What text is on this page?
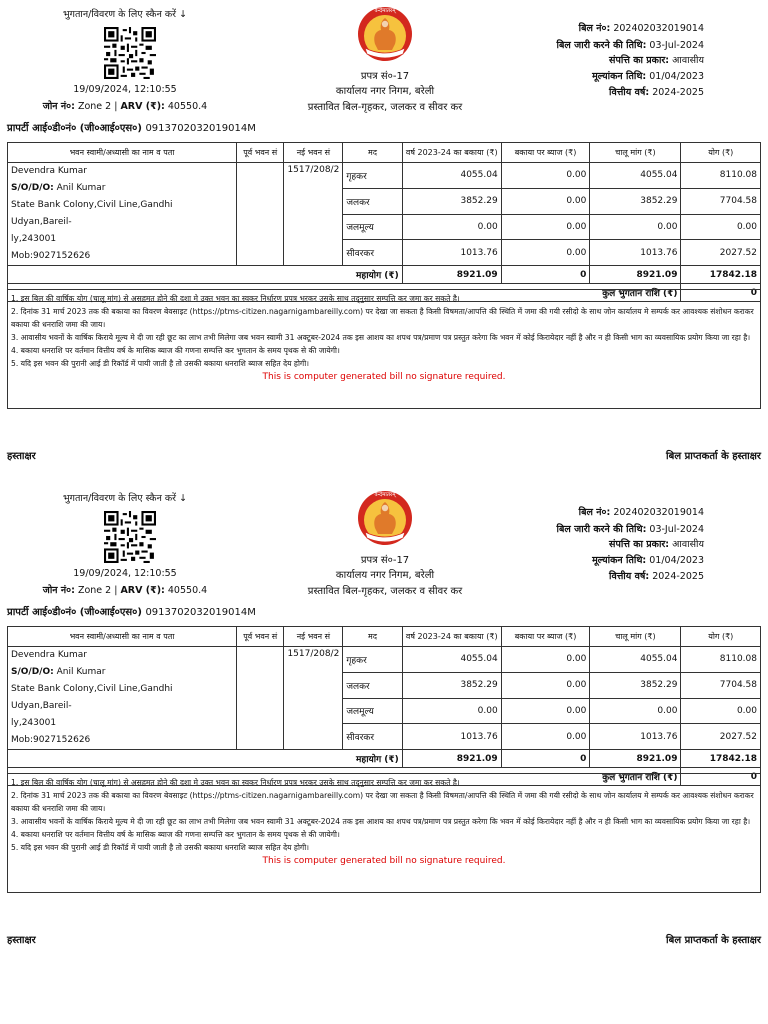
भुगतान/विवरण के लिए स्कैन करें ↓
19/09/2024, 12:10:55
जोन नं०: Zone 2 | ARV (₹): 40550.4
वन्देमातरम्
प्रपत्र सं०-17
कार्यालय नगर निगम, बरेली
प्रस्तावित बिल-गृहकर, जलकर व सीवर कर
बिल नं०: 202402032019014
बिल जारी करने की तिथि: 03-Jul-2024
संपत्ति का प्रकार: आवासीय
मूल्यांकन तिथि: 01/04/2023
वित्तीय वर्ष: 2024-2025
प्रापर्टी आई०डी०नं० (जी०आई०एस०) 0913702032019014M
भवन स्वामी/अध्यासी का नाम व पता	पूर्व भवन सं	नई भवन सं	मद	वर्ष 2023-24 का बकाया (₹)	बकाया पर ब्याज (₹)	चालू मांग (₹)	योग (₹)

Devendra Kumar
S/O/D/O: Anil Kumar
State Bank Colony,Civil Line,Gandhi Udyan,Bareil-
ly,243001
Mob:9027152626		1517/208/2	गृहकर	4055.04	0.00	4055.04	8110.08
			जलकर	3852.29	0.00	3852.29	7704.58
			जलमूल्य	0.00	0.00	0.00	0.00
			सीवरकर	1013.76	0.00	1013.76	2027.52
महायोग (₹)				8921.09	0	8921.09	17842.18
कुल भुगतान राशि (₹)							0
1. इस बिल की वार्षिक योग (चालू मांग) से असहमत होने की दशा मे उक्त भवन का स्वकर निर्धारण प्रपत्र भरकर उसके साथ तद्नुसार सम्पत्ति कर जमा कर सकते है।
2. दिनांक 31 मार्च 2023 तक की बकाया का विवरण बेवसाइट (https://ptms-citizen.nagarnigambareilly.com) पर देखा जा सकता है किसी विषमता/आपत्ति की स्थिति में जमा की गयी रसीदो के साथ जोन कार्यालय मे सम्पर्क कर आवश्यक संशोधन कराकर बकाया की धनराशि जमा की जाय।
3. आवासीय भवनों के वार्षिक किराये मूल्य मे दी जा रही छूट का लाभ तभी मिलेगा जब भवन स्वामी 31 अक्टूबर-2024 तक इस आशय का शपथ पत्र/प्रमाण पत्र प्रस्तुत करेगा कि भवन में कोई किरायेदार नहीं है और न ही किसी भाग का व्यवसायिक प्रयोग किया जा रहा है।
4. बकाया धनराशि पर वर्तमान वित्तीय वर्ष के मासिक ब्याज की गणना सम्पत्ति कर भुगतान के समय पृथक से की जायेगी।
5. यदि इस भवन की पुरानी आई डी रिकॉर्ड में पायी जाती है तो उसकी बकाया धनराशि ब्याज सहित देय होगी।
This is computer generated bill no signature required.
हस्ताक्षर	बिल प्राप्तकर्ता के हस्ताक्षर
भुगतान/विवरण के लिए स्कैन करें ↓
19/09/2024, 12:10:55
जोन नं०: Zone 2 | ARV (₹): 40550.4
वन्देमातरम्
प्रपत्र सं०-17
कार्यालय नगर निगम, बरेली
प्रस्तावित बिल-गृहकर, जलकर व सीवर कर
बिल नं०: 202402032019014
बिल जारी करने की तिथि: 03-Jul-2024
संपत्ति का प्रकार: आवासीय
मूल्यांकन तिथि: 01/04/2023
वित्तीय वर्ष: 2024-2025
प्रापर्टी आई०डी०नं० (जी०आई०एस०) 0913702032019014M
भवन स्वामी/अध्यासी का नाम व पता	पूर्व भवन सं	नई भवन सं	मद	वर्ष 2023-24 का बकाया (₹)	बकाया पर ब्याज (₹)	चालू मांग (₹)	योग (₹)

Devendra Kumar
S/O/D/O: Anil Kumar
State Bank Colony,Civil Line,Gandhi Udyan,Bareil-
ly,243001
Mob:9027152626		1517/208/2	गृहकर	4055.04	0.00	4055.04	8110.08
			जलकर	3852.29	0.00	3852.29	7704.58
			जलमूल्य	0.00	0.00	0.00	0.00
			सीवरकर	1013.76	0.00	1013.76	2027.52
महायोग (₹)				8921.09	0	8921.09	17842.18
कुल भुगतान राशि (₹)							0
1. इस बिल की वार्षिक योग (चालू मांग) से असहमत होने की दशा मे उक्त भवन का स्वकर निर्धारण प्रपत्र भरकर उसके साथ तद्नुसार सम्पत्ति कर जमा कर सकते है।
2. दिनांक 31 मार्च 2023 तक की बकाया का विवरण बेवसाइट (https://ptms-citizen.nagarnigambareilly.com) पर देखा जा सकता है किसी विषमता/आपत्ति की स्थिति में जमा की गयी रसीदो के साथ जोन कार्यालय मे सम्पर्क कर आवश्यक संशोधन कराकर बकाया की धनराशि जमा की जाय।
3. आवासीय भवनों के वार्षिक किराये मूल्य मे दी जा रही छूट का लाभ तभी मिलेगा जब भवन स्वामी 31 अक्टूबर-2024 तक इस आशय का शपथ पत्र/प्रमाण पत्र प्रस्तुत करेगा कि भवन में कोई किरायेदार नहीं है और न ही किसी भाग का व्यवसायिक प्रयोग किया जा रहा है।
4. बकाया धनराशि पर वर्तमान वित्तीय वर्ष के मासिक ब्याज की गणना सम्पत्ति कर भुगतान के समय पृथक से की जायेगी।
5. यदि इस भवन की पुरानी आई डी रिकॉर्ड में पायी जाती है तो उसकी बकाया धनराशि ब्याज सहित देय होगी।
This is computer generated bill no signature required.
हस्ताक्षर	बिल प्राप्तकर्ता के हस्ताक्षर
